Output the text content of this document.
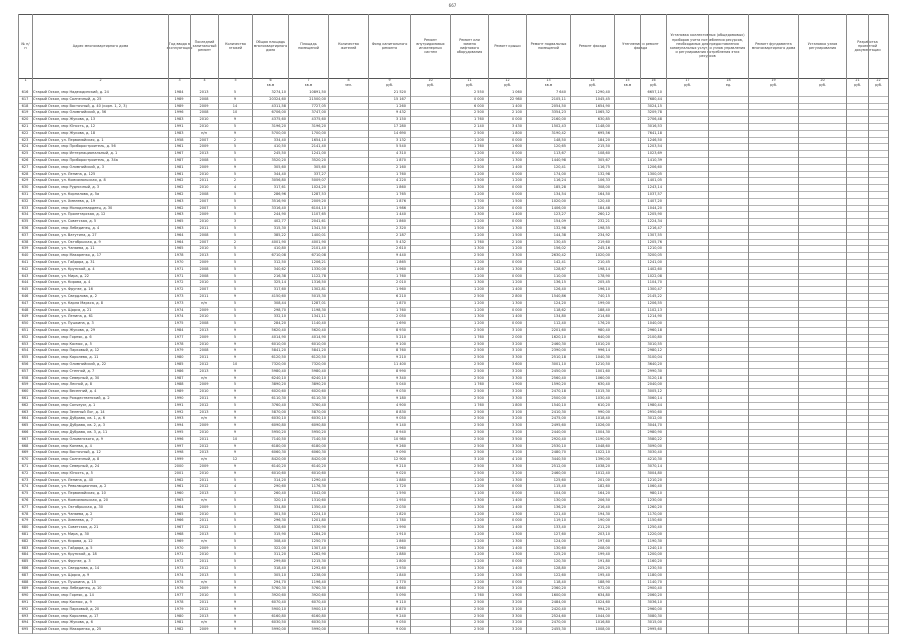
667
№ п/п
Адрес многоквартирного дома
Год ввода в эксплуатацию
Последний капитальный ремонт
Количество этажей
Общая площадь многоквартирного дома
Площадь помещений
Количество жителей
Фонд капитального ремонта
Ремонт внутридомовых инженерных систем
Ремонт или замена лифтового оборудования
Ремонт крыши
Ремонт подвальных помещений
Ремонт фасада
Утепление и ремонт фасада
Установка коллективных (общедомовых) приборов учета потребления ресурсов, необходимых для предоставления коммунальных услуг, и узлов управления и регулирования потребления этих ресурсов
Ремонт фундамента многоквартирного дома
Установка узлов регулирования
Разработка проектной документации
1	2	3	4	5	6	7	8	9	10	11	12	13	14	15	16	17	18	19	20	21	22
кв.м	кв.м	чел.	руб.	руб.	руб.	руб.	кв.м	руб.	кв.м	руб.	руб.	ед.	руб.	руб.	руб.	руб.
616	Старый Оскол, мкр Надеждинский, д. 24	1984	2013	5	3274,10	10891,50	21 520	2 550	1 060	7 640	1290,40	6657,10
617	Старый Оскол, мкр Солнечный, д. 25	1989	2008	9	20324,60	21500,00	15 167	0 000	22 980	2105,11	1045,45	7680,44
618	Старый Оскол, мкр Восточный, д. 40 (корп. 1, 2, 3)	1989	2009	14	4311,58	7727,05	1 260	6 000	1 400	2054,50	1654,90	3024,15
619	Старый Оскол, мкр Олимпийский, д. 56	1996	2008	10	6706,00	3747,00	9 432	2 500	2 100	3354,23	1065,32	3209,78
620	Старый Оскол, мкр Жукова, д. 13	1983	2010	9	4375,60	4375,60	3 150	1 760	0 000	2160,00	630,85	2706,48
621	Старый Оскол, мкр Юность, д. 12	1991	2010	5	3196,20	3196,20	17 280	2 140	3 430	1502,43	1148,00	3016,53
622	Старый Оскол, мкр Жукова, д. 18	1983	н/п	9	5700,00	1700,00	14 690	2 500	1 800	3190,42	695,56	7641,18
623	Старый Оскол, ул. Первомайская, д. 1	1958	2007	2	334,40	1654,10	3 132	1 200	0 000	148,50	184,20	1246,50
624	Старый Оскол, мкр Приборостроитель, д. 56	1961	2009	5	410,50	2141,40	5 540	1 760	1 600	120,65	215,50	1203,54
625	Старый Оскол, мкр Интернациональный, д. 1	1967	2013	5	245,50	1241,00	4 310	1 200	0 000	113,67	108,60	1023,69
626	Старый Оскол, мкр Приборостроитель, д. 34a	1987	2008	5	3520,20	3520,20	1 870	1 200	1 300	1440,98	305,67	1410,39
627	Старый Оскол, мкр Олимпийский, д. 3	1981	2009	9	305,60	305,60	2 160	2 500	1 400	120,41	116,75	1206,60
628	Старый Оскол, ул. Ленина, д. 125	1961	2010	5	344,40	337,27	1 760	1 200	0 000	174,00	132,98	1300,05
629	Старый Оскол, ул. Комсомольская, д. 8	1962	2011	2	3056,80	5009,07	4 220	1 500	1 200	116,24	106,33	1401,05
630	Старый Оскол, мкр Рудничный, д. 3	1962	2010	4	317,61	1024,20	1 860	1 300	0 000	185,28	308,00	1243,14
631	Старый Оскол, ул. Корнилова, д. 5a	1962	2008	5	286,96	1287,53	1 765	1 200	0 000	134,54	164,50	1037,57
632	Старый Оскол, ул. Хмелева, д. 19	1963	2007	5	3516,90	2009,20	1 876	1 700	1 500	1020,00	120,40	1407,20
633	Старый Оскол, мкр Молодогвардеец, д. 30	1962	2007	5	3316,40	6104,10	1 986	1 200	0 000	1406,00	184,48	1044,20
634	Старый Оскол, ул. Пролетарская, д. 12	1963	2009	5	244,90	1107,65	1 440	1 300	1 400	123,27	260,12	1205,90
635	Старый Оскол, ул. Советская, д. 5	1965	2010	3	402,77	2041,61	1 860	1 200	0 000	154,09	232,21	1224,34
636	Старый Оскол, мкр Лебединец, д. 4	1963	2011	5	315,30	1341,50	2 320	1 500	1 300	132,98	198,55	1216,47
637	Старый Оскол, ул. Ватутина, д. 27	1964	2008	5	385,22	1400,01	2 187	1 200	1 500	144,38	234,92	1307,55
638	Старый Оскол, ул. Октябрьская, д. 9	1964	2007	2	4001,90	4001,90	5 432	1 760	2 100	130,45	219,60	1205,76
639	Старый Оскол, ул. Чапаева, д. 11	1965	2010	5	410,80	2101,40	2 610	1 300	1 200	156,02	245,16	1210,00
640	Старый Оскол, мкр Макаренко, д. 17	1978	2013	5	6710,08	6710,08	9 440	2 500	3 300	2630,42	1020,00	3200,05
641	Старый Оскол, ул. Гайдара, д. 31	1970	2009	5	312,50	1206,21	1 865	1 200	0 000	142,41	210,45	1241,00
642	Старый Оскол, ул. Крупской, д. 4	1971	2008	5	340,62	1330,00	1 960	1 400	1 300	128,67	198,14	1402,60
643	Старый Оскол, ул. Мира, д. 22	1971	2008	5	216,38	1122,78	1 760	1 200	0 000	110,00	178,90	1022,08
644	Старый Оскол, ул. Кирова, д. 4	1972	2010	5	325,14	1316,50	2 010	1 300	1 200	136,15	205,45	1104,70
645	Старый Оскол, ул. Фрунзе, д. 16	1972	2007	5	317,60	1302,81	1 960	1 200	1 400	126,40	196,10	1300,47
646	Старый Оскол, ул. Свердлова, д. 2	1973	2011	9	4150,60	5015,30	6 210	2 500	2 800	1540,86	740,15	2145,22
647	Старый Оскол, ул. Карла Маркса, д. 8	1973	н/п	5	308,44	1287,01	1 870	1 200	1 300	124,20	199,00	1206,55
648	Старый Оскол, ул. Щорса, д. 21	1974	2009	5	298,70	1198,30	1 760	1 200	0 000	118,62	188,40	1102,13
649	Старый Оскол, ул. Ленина, д. 61	1974	2010	5	332,10	1341,11	2 050	1 300	1 400	134,80	214,60	1214,90
650	Старый Оскол, ул. Пушкина, д. 3	1975	2008	5	284,20	1140,40	1 690	1 200	0 000	112,40	176,20	1040,00
651	Старый Оскол, мкр Жукова, д. 29	1984	2013	9	5620,40	5620,40	8 930	2 500	3 100	2201,60	980,40	2960,18
652	Старый Оскол, мкр Горняк, д. 6	1977	2009	5	4014,90	4014,90	5 210	1 760	2 000	1620,10	640,00	2100,80
653	Старый Оскол, мкр Космос, д. 5	1978	2010	9	6010,00	6010,00	9 100	2 500	3 200	2460,30	1010,20	3010,55
654	Старый Оскол, мкр Парковый, д. 12	1979	2008	9	5841,20	5841,20	8 760	2 500	3 100	2390,00	996,14	2980,12
655	Старый Оскол, мкр Королева, д. 11	1980	2011	9	6120,50	6120,50	9 210	2 500	3 300	2510,18	1040,30	3100,04
656	Старый Оскол, мкр Олимпийский, д. 22	1985	2012	10	7320,00	7320,00	11 400	2 500	3 600	3001,10	1210,50	3640,20
657	Старый Оскол, мкр Степной, д. 7	1986	2013	9	5980,40	5980,40	8 990	2 500	3 200	2450,00	1001,60	2990,30
658	Старый Оскол, мкр Северный, д. 30	1987	н/п	9	6240,10	6240,10	9 340	2 500	3 300	2560,40	1060,00	3120,18
659	Старый Оскол, мкр Лесной, д. 8	1988	2009	5	3890,20	3890,20	5 040	1 760	1 900	1590,20	630,40	2040,00
660	Старый Оскол, мкр Весенний, д. 4	1989	2010	9	6020,60	6020,60	9 030	2 500	3 200	2470,18	1015,30	3005,12
661	Старый Оскол, мкр Рождественский, д. 2	1990	2011	9	6110,30	6110,30	9 180	2 500	3 300	2500,00	1030,40	3060,14
662	Старый Оскол, мкр Conveyor, д. 1	1991	2012	5	3760,40	3760,40	4 900	1 760	1 800	1540,10	610,20	1980,44
663	Старый Оскол, мкр Зеленый Лог, д. 14	1992	2013	9	5870,00	5870,00	8 830	2 500	3 100	2410,30	990,00	2950,60
664	Старый Оскол, мкр Дубрава, кв. 1, д. 6	1993	н/п	9	6030,10	6030,10	9 050	2 500	3 200	2475,00	1018,40	3012,00
665	Старый Оскол, мкр Дубрава, кв. 2, д. 3	1994	2009	9	6090,80	6090,80	9 140	2 500	3 300	2495,60	1026,00	3044,70
666	Старый Оскол, мкр Дубрава, кв. 3, д. 11	1995	2010	9	5950,20	5950,20	8 940	2 500	3 200	2440,00	1004,30	2980,90
667	Старый Оскол, мкр Ольминского, д. 9	1996	2011	10	7140,50	7140,50	10 980	2 500	3 500	2920,40	1190,00	3580,22
668	Старый Оскол, мкр Конева, д. 4	1997	2012	9	6180,00	6180,00	9 260	2 500	3 300	2530,10	1048,60	3090,00
669	Старый Оскол, мкр Восточный, д. 12	1998	2013	9	6060,30	6060,30	9 090	2 500	3 200	2480,70	1022,10	3030,40
670	Старый Оскол, мкр Солнечный, д. 8	1999	н/п	12	8420,00	8420,00	12 900	3 100	4 100	3440,50	1390,00	4210,30
671	Старый Оскол, мкр Северный, д. 24	2000	2009	9	6140,20	6140,20	9 210	2 500	3 300	2512,00	1038,20	3070,14
672	Старый Оскол, мкр Юность, д. 5	2001	2010	9	6010,60	6010,60	9 020	2 500	3 200	2460,00	1012,40	3004,80
673	Старый Оскол, ул. Ленина, д. 40	1962	2011	5	314,20	1290,40	1 880	1 200	1 300	125,60	201,00	1210,20
674	Старый Оскол, ул. Революционная, д. 2	1961	2012	4	290,60	1176,30	1 720	1 200	0 000	115,40	182,60	1060,40
675	Старый Оскол, ул. Первомайская, д. 10	1960	2013	3	260,40	1042,00	1 590	1 100	0 000	104,00	164,20	980,10
676	Старый Оскол, ул. Комсомольская, д. 20	1963	н/п	5	320,10	1310,60	1 950	1 300	1 400	130,00	206,50	1230,00
677	Старый Оскол, ул. Октябрьская, д. 30	1964	2009	5	334,80	1350,40	2 030	1 300	1 400	136,20	216,40	1260,20
678	Старый Оскол, ул. Чапаева, д. 2	1965	2010	5	301,50	1224,10	1 820	1 200	1 300	121,40	194,30	1170,00
679	Старый Оскол, ул. Хмелева, д. 7	1966	2011	5	296,30	1201,80	1 780	1 200	0 000	119,10	190,00	1150,60
680	Старый Оскол, ул. Советская, д. 21	1967	2012	5	328,60	1330,90	1 990	1 300	1 400	133,40	211,20	1250,40
681	Старый Оскол, ул. Мира, д. 30	1968	2013	5	315,90	1284,20	1 910	1 200	1 300	127,60	203,10	1220,00
682	Старый Оскол, ул. Кирова, д. 12	1969	н/п	5	308,40	1250,70	1 860	1 200	1 300	124,00	197,60	1190,30
683	Старый Оскол, ул. Гайдара, д. 5	1970	2009	5	322,00	1307,40	1 960	1 300	1 400	130,60	208,00	1240,10
684	Старый Оскол, ул. Крупской, д. 18	1971	2010	5	311,20	1262,90	1 880	1 200	1 300	125,20	199,40	1200,00
685	Старый Оскол, ул. Фрунзе, д. 3	1972	2011	5	299,80	1215,30	1 800	1 200	0 000	120,30	191,80	1160,20
686	Старый Оскол, ул. Свердлова, д. 14	1973	2012	5	318,40	1292,60	1 930	1 300	1 400	128,80	205,20	1230,50
687	Старый Оскол, ул. Щорса, д. 9	1974	2013	5	305,10	1238,00	1 840	1 200	1 300	122,60	195,40	1180,00
688	Старый Оскол, ул. Пушкина, д. 15	1975	н/п	5	294,70	1196,40	1 770	1 200	0 000	118,40	188,90	1140,70
689	Старый Оскол, мкр Лебединец, д. 10	1976	2009	9	5760,30	5760,30	8 660	2 500	3 100	2360,20	972,00	2900,40
690	Старый Оскол, мкр Горняк, д. 14	1977	2010	5	3920,60	3920,60	5 090	1 760	1 900	1600,00	634,80	2060,20
691	Старый Оскол, мкр Космос, д. 9	1978	2011	9	6070,40	6070,40	9 110	2 500	3 200	2484,00	1024,60	3036,10
692	Старый Оскол, мкр Парковый, д. 20	1979	2012	9	5900,10	5900,10	8 870	2 500	3 100	2420,40	994,20	2960,00
693	Старый Оскол, мкр Королева, д. 17	1980	2013	9	6160,80	6160,80	9 240	2 500	3 300	2524,60	1044,00	3080,30
694	Старый Оскол, мкр Жукова, д. 6	1981	н/п	9	6030,50	6030,50	9 050	2 500	3 200	2470,00	1016,80	3015,00
695	Старый Оскол, мкр Макаренко, д. 25	1982	2009	9	5990,00	5990,00	9 000	2 500	3 200	2455,30	1008,00	2995,60
